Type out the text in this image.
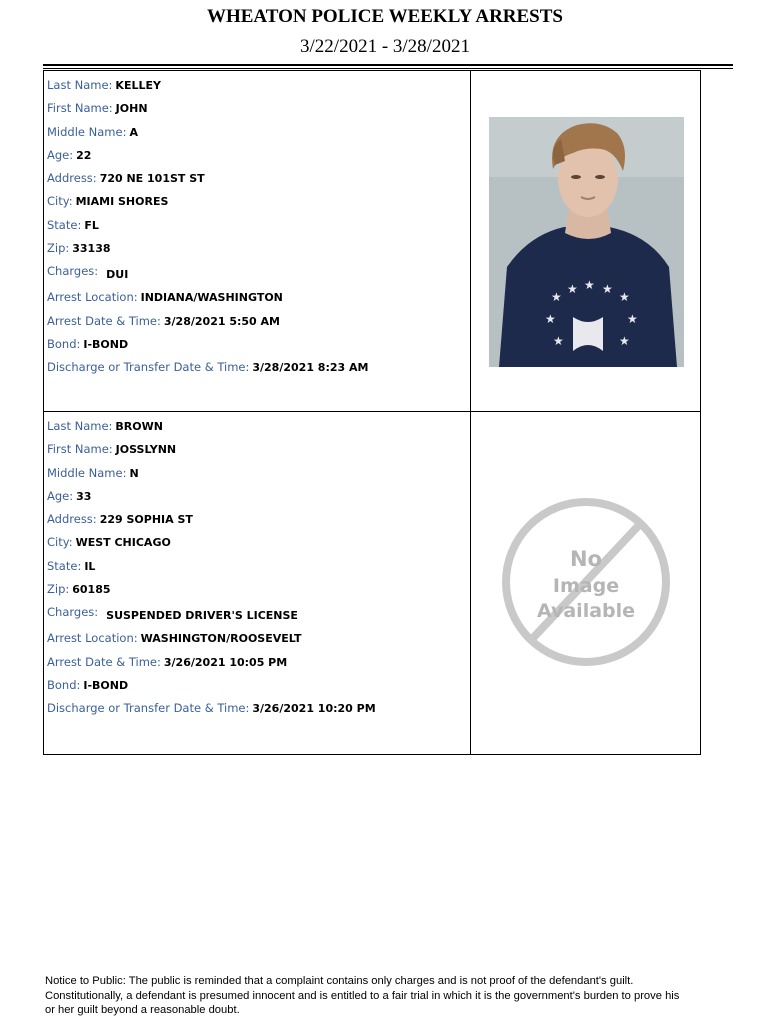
WHEATON POLICE WEEKLY ARRESTS
3/22/2021 - 3/28/2021
Last Name: KELLEY
First Name: JOHN
Middle Name: A
Age: 22
Address: 720 NE 101ST ST
City: MIAMI SHORES
State: FL
Zip: 33138
Charges: DUI
Arrest Location: INDIANA/WASHINGTON
Arrest Date & Time: 3/28/2021 5:50 AM
Bond: I-BOND
Discharge or Transfer Date & Time: 3/28/2021 8:23 AM
★
★ ★ ★
★
★	★
★	★
Last Name: BROWN
First Name: JOSSLYNN
Middle Name: N
Age: 33
Address: 229 SOPHIA ST
City: WEST CHICAGO
State: IL
Zip: 60185
Charges: SUSPENDED DRIVER'S LICENSE
Arrest Location: WASHINGTON/ROOSEVELT
Arrest Date & Time: 3/26/2021 10:05 PM
Bond: I-BOND
Discharge or Transfer Date & Time: 3/26/2021 10:20 PM
No
Image
Available
Notice to Public: The public is reminded that a complaint contains only charges and is not proof of the defendant's guilt. Constitutionally, a defendant is presumed innocent and is entitled to a fair trial in which it is the government's burden to prove his or her guilt beyond a reasonable doubt.
